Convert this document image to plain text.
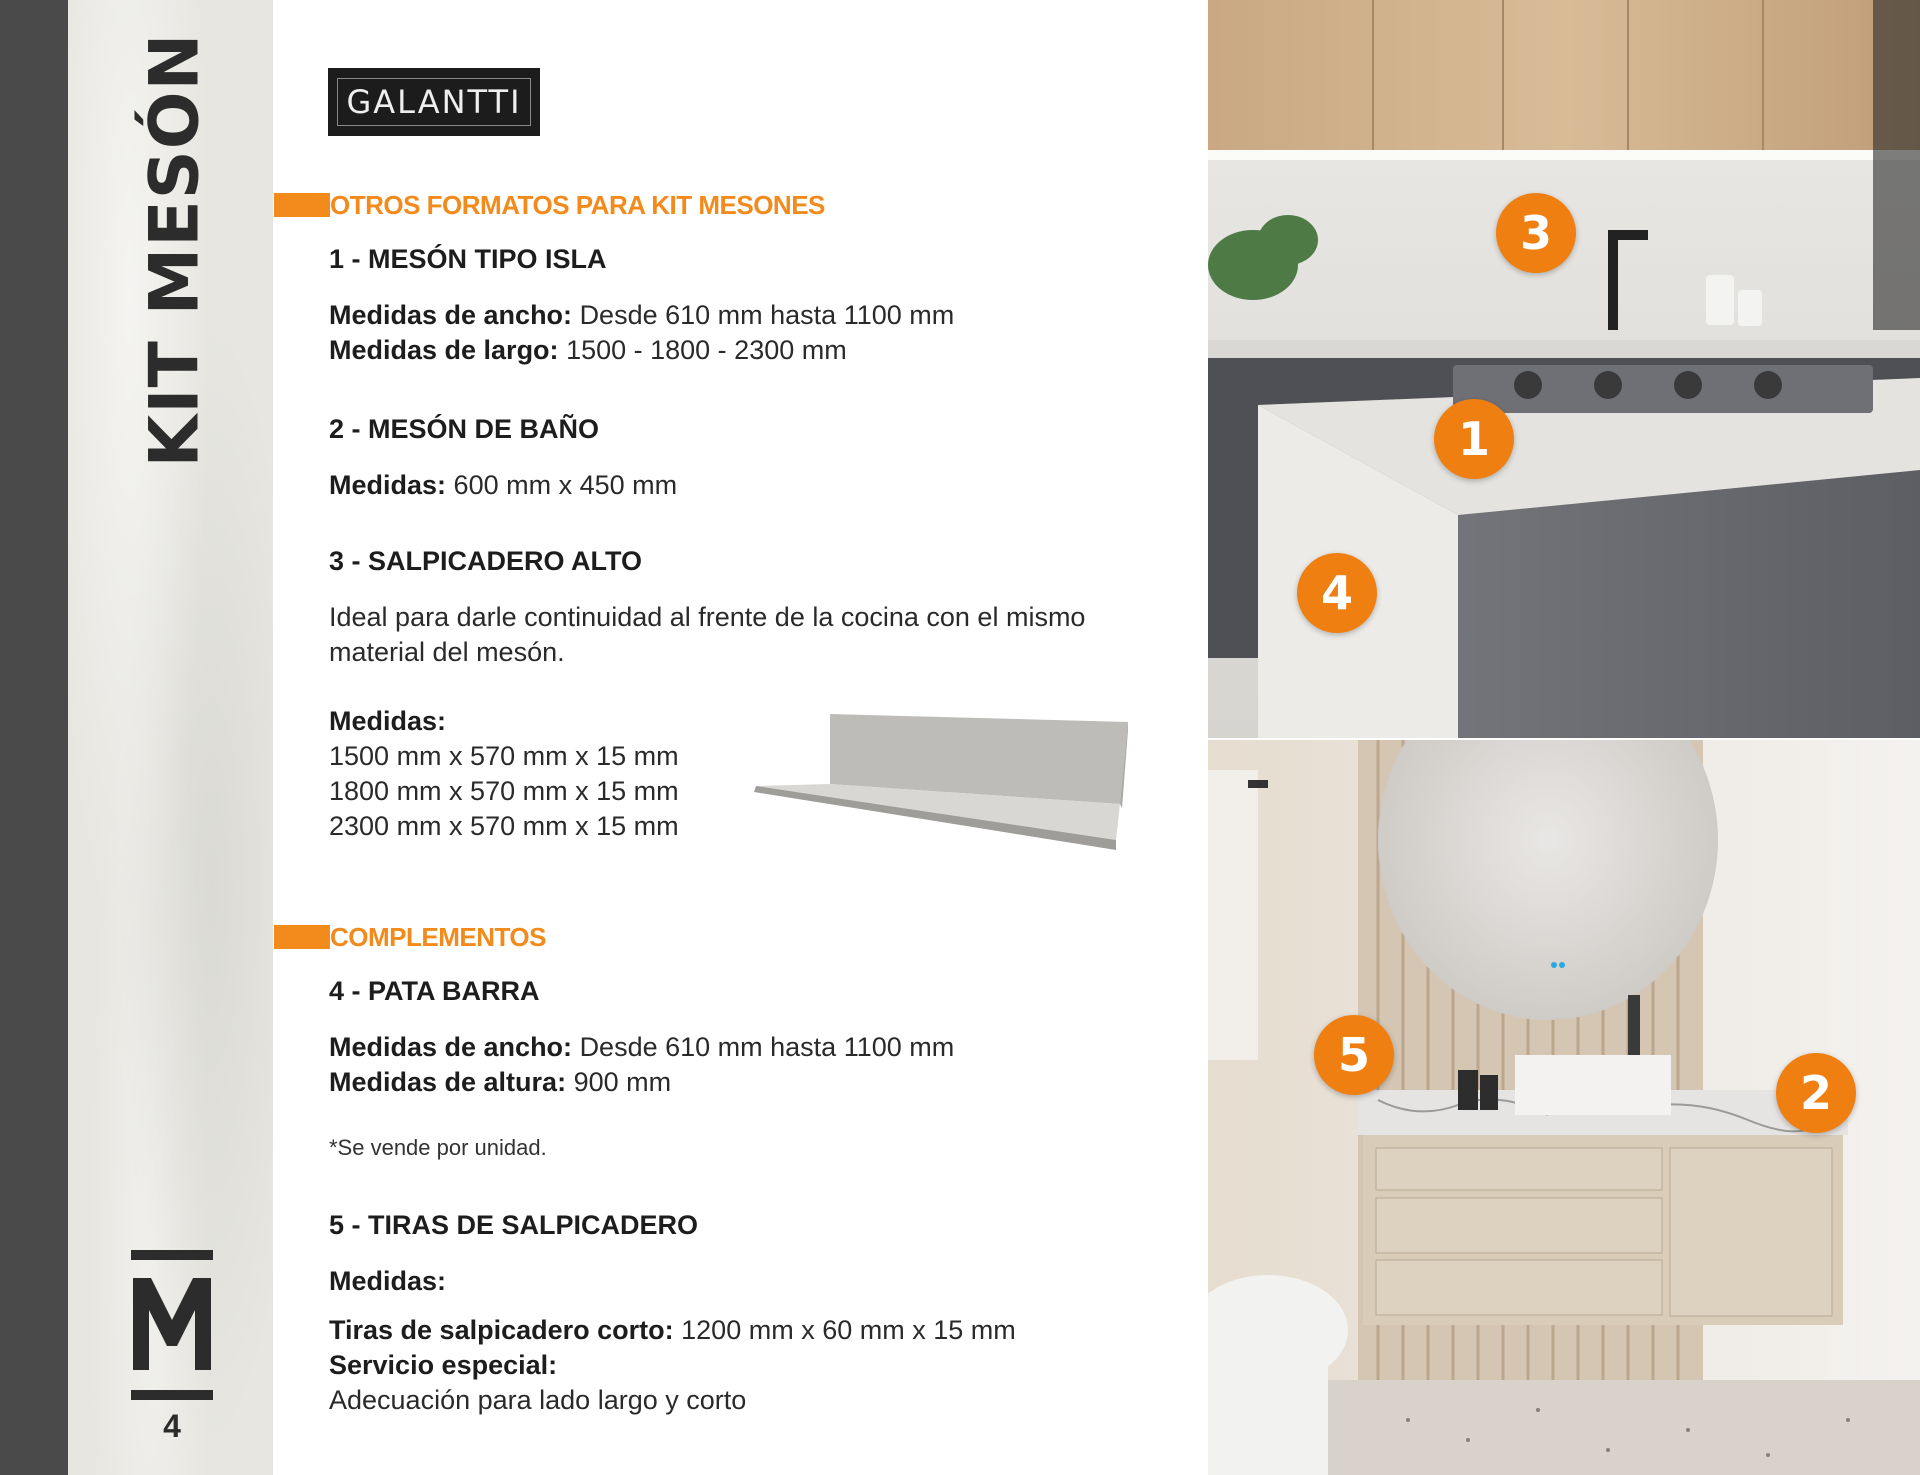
KIT MESÓN
4
GALANTTI
OTROS FORMATOS PARA KIT MESONES
1 - MESÓN TIPO ISLA
Medidas de ancho: Desde 610 mm hasta 1100 mm
Medidas de largo: 1500 - 1800 - 2300 mm
2 - MESÓN DE BAÑO
Medidas: 600 mm x 450 mm
3 - SALPICADERO ALTO
Ideal para darle continuidad al frente de la cocina con el mismo
material del mesón.
Medidas:
1500 mm x 570 mm x 15 mm
1800 mm x 570 mm x 15 mm
2300 mm x 570 mm x 15 mm
COMPLEMENTOS
4 - PATA BARRA
Medidas de ancho: Desde 610 mm hasta 1100 mm
Medidas de altura: 900 mm
*Se vende por unidad.
5 - TIRAS DE SALPICADERO
Medidas:
Tiras de salpicadero corto: 1200 mm x 60 mm x 15 mm
Servicio especial:
Adecuación para lado largo y corto
3
1
4
5
2
